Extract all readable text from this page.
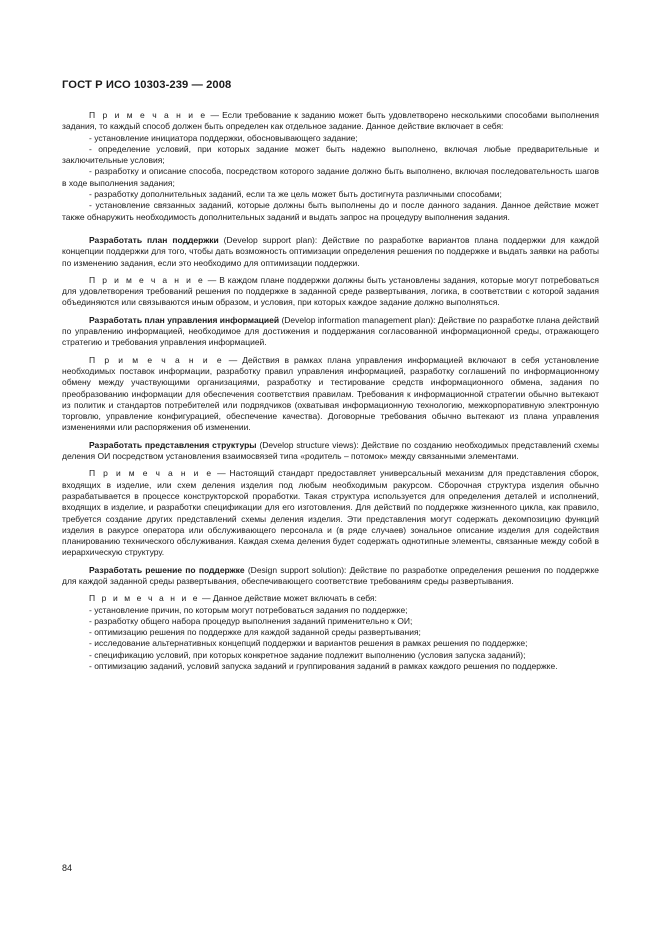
ГОСТ Р ИСО 10303-239 — 2008

П р и м е ч а н и е — Если требование к заданию может быть удовлетворено несколькими способами выполнения задания, то каждый способ должен быть определен как отдельное задание. Данное действие включает в себя:

- установление инициатора поддержки, обосновывающего задание;

- определение условий, при которых задание может быть надежно выполнено, включая любые предварительные и заключительные условия;

- разработку и описание способа, посредством которого задание должно быть выполнено, включая последовательность шагов в ходе выполнения задания;

- разработку дополнительных заданий, если та же цель может быть достигнута различными способами;

- установление связанных заданий, которые должны быть выполнены до и после данного задания. Данное действие может также обнаружить необходимость дополнительных заданий и выдать запрос на процедуру выполнения задания.

Разработать план поддержки (Develop support plan): Действие по разработке вариантов плана поддержки для каждой концепции поддержки для того, чтобы дать возможность оптимизации определения решения по поддержке и выдать заявки на работы по изменению задания, если это необходимо для оптимизации поддержки.

П р и м е ч а н и е — В каждом плане поддержки должны быть установлены задания, которые могут потребоваться для удовлетворения требований решения по поддержке в заданной среде развертывания, логика, в соответствии с которой задания объединяются или связываются иным образом, и условия, при которых каждое задание должно выполняться.

Разработать план управления информацией (Develop information management plan): Действие по разработке плана действий по управлению информацией, необходимое для достижения и поддержания согласованной информационной среды, отражающего стратегию и требования управления информацией.

П р и м е ч а н и е — Действия в рамках плана управления информацией включают в себя установление необходимых поставок информации, разработку правил управления информацией, разработку соглашений по информационному обмену между участвующими организациями, разработку и тестирование средств информационного обмена, задания по преобразованию информации для обеспечения соответствия правилам. Требования к информационной стратегии обычно вытекают из политик и стандартов потребителей или подрядчиков (охватывая информационную технологию, межкорпоративную электронную торговлю, управление конфигурацией, обеспечение качества). Договорные требования обычно вытекают из плана управления изменениями или распоряжения об изменении.

Разработать представления структуры (Develop structure views): Действие по созданию необходимых представлений схемы деления ОИ посредством установления взаимосвязей типа «родитель – потомок» между связанными элементами.

П р и м е ч а н и е — Настоящий стандарт предоставляет универсальный механизм для представления сборок, входящих в изделие, или схем деления изделия под любым необходимым ракурсом. Сборочная структура изделия обычно разрабатывается в процессе конструкторской проработки. Такая структура используется для определения деталей и исполнений, входящих в изделие, и разработки спецификации для его изготовления. Для действий по поддержке жизненного цикла, как правило, требуется создание других представлений схемы деления изделия. Эти представления могут содержать декомпозицию функций изделия в ракурсе оператора или обслуживающего персонала и (в ряде случаев) зональное описание изделия для содействия планированию технического обслуживания. Каждая схема деления будет содержать однотипные элементы, связанные между собой в иерархическую структуру.

Разработать решение по поддержке (Design support solution): Действие по разработке определения решения по поддержке для каждой заданной среды развертывания, обеспечивающего соответствие требованиям среды развертывания.

П р и м е ч а н и е — Данное действие может включать в себя:

- установление причин, по которым могут потребоваться задания по поддержке;

- разработку общего набора процедур выполнения заданий применительно к ОИ;

- оптимизацию решения по поддержке для каждой заданной среды развертывания;

- исследование альтернативных концепций поддержки и вариантов решения в рамках решения по поддержке;

- спецификацию условий, при которых конкретное задание подлежит выполнению (условия запуска заданий);

- оптимизацию заданий, условий запуска заданий и группирования заданий в рамках каждого решения по поддержке.

84
